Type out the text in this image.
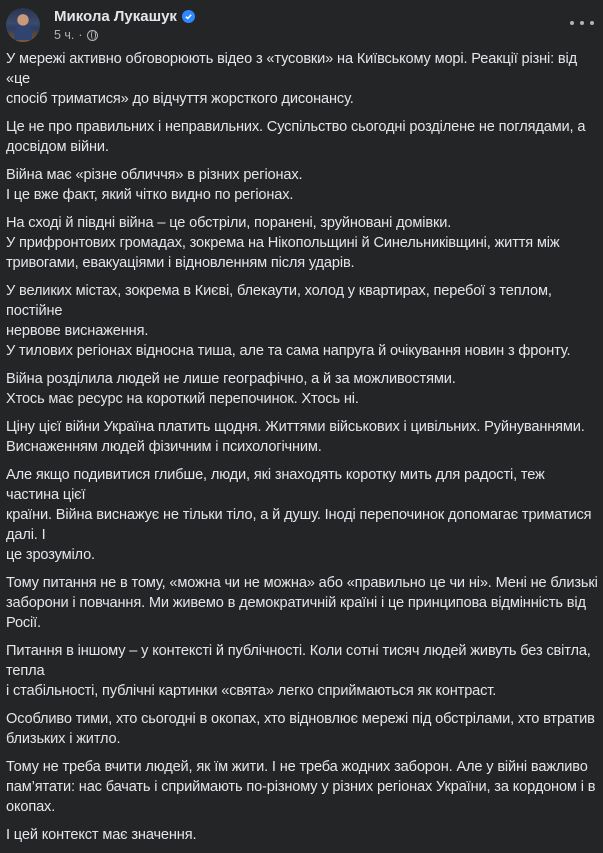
Микола Лукашук
5 ч. ·

У мережі активно обговорюють відео з «тусовки» на Київському морі. Реакції різні: від «це
спосіб триматися» до відчуття жорсткого дисонансу.

Це не про правильних і неправильних. Суспільство сьогодні розділене не поглядами, а
досвідом війни.

Війна має «різне обличчя» в різних регіонах.
І це вже факт, який чітко видно по регіонах.

На сході й півдні війна – це обстріли, поранені, зруйновані домівки.
У прифронтових громадах, зокрема на Нікопольщині й Синельниківщині, життя між
тривогами, евакуаціями і відновленням після ударів.

У великих містах, зокрема в Києві, блекаути, холод у квартирах, перебої з теплом, постійне
нервове виснаження.
У тилових регіонах відносна тиша, але та сама напруга й очікування новин з фронту.

Війна розділила людей не лише географічно, а й за можливостями.
Хтось має ресурс на короткий перепочинок. Хтось ні.

Ціну цієї війни Україна платить щодня. Життями військових і цивільних. Руйнуваннями.
Виснаженням людей фізичним і психологічним.

Але якщо подивитися глибше, люди, які знаходять коротку мить для радості, теж частина цієї
країни. Війна виснажує не тільки тіло, а й душу. Іноді перепочинок допомагає триматися далі. І
це зрозуміло.

Тому питання не в тому, «можна чи не можна» або «правильно це чи ні». Мені не близькі
заборони і повчання. Ми живемо в демократичній країні і це принципова відмінність від
Росії.

Питання в іншому – у контексті й публічності. Коли сотні тисяч людей живуть без світла, тепла
і стабільності, публічні картинки «свята» легко сприймаються як контраст.

Особливо тими, хто сьогодні в окопах, хто відновлює мережі під обстрілами, хто втратив
близьких і житло.

Тому не треба вчити людей, як їм жити. І не треба жодних заборон. Але у війні важливо
пам’ятати: нас бачать і сприймають по-різному у різних регіонах України, за кордоном і в
окопах.

І цей контекст має значення.
